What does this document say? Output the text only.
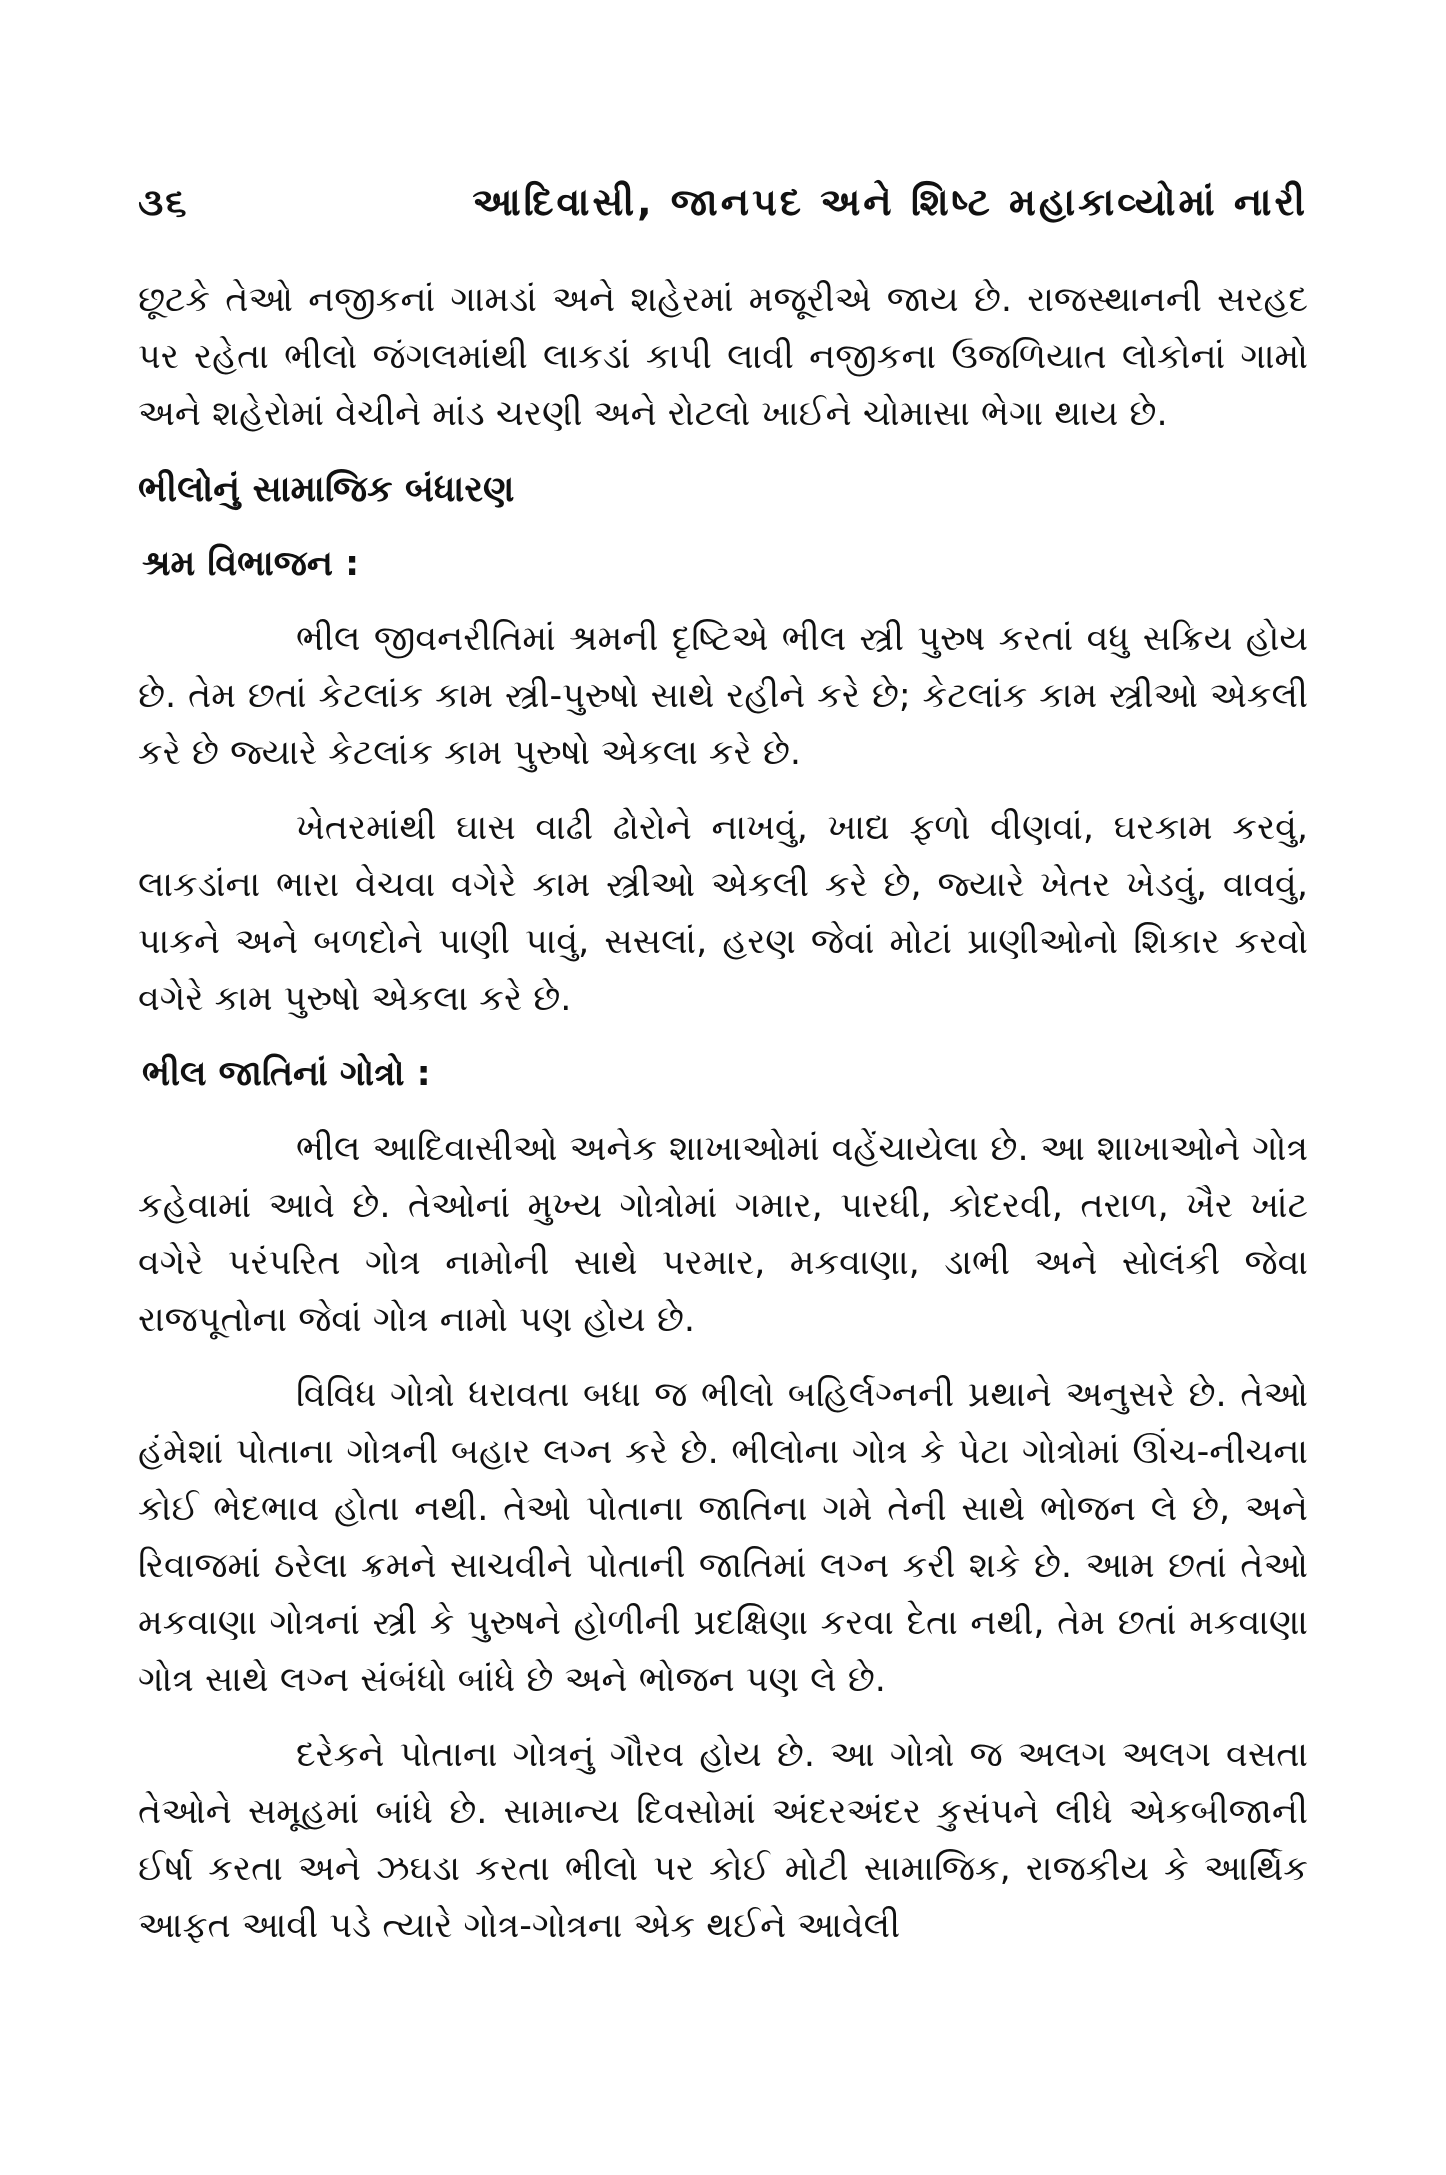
૩૬	આદિવાસી, જાનપદ અને શિષ્ટ મહાકાવ્યોમાં નારી

છૂટકે તેઓ નજીકનાં ગામડાં અને શહેરમાં મજૂરીએ જાય છે. રાજસ્થાનની સરહદ પર રહેતા ભીલો જંગલમાંથી લાકડાં કાપી લાવી નજીકના ઉજળિયાત લોકોનાં ગામો અને શહેરોમાં વેચીને માંડ ચરણી અને રોટલો ખાઈને ચોમાસા ભેગા થાય છે.

ભીલોનું સામાજિક બંધારણ
શ્રમ વિભાજન :

ભીલ જીવનરીતિમાં શ્રમની દૃષ્ટિએ ભીલ સ્ત્રી પુરુષ કરતાં વધુ સક્રિય હોય છે. તેમ છતાં કેટલાંક કામ સ્ત્રી-પુરુષો સાથે રહીને કરે છે; કેટલાંક કામ સ્ત્રીઓ એકલી કરે છે જ્યારે કેટલાંક કામ પુરુષો એકલા કરે છે.

ખેતરમાંથી ઘાસ વાઢી ઢોરોને નાખવું, ખાદ્ય ફળો વીણવાં, ઘરકામ કરવું, લાકડાંના ભારા વેચવા વગેરે કામ સ્ત્રીઓ એકલી કરે છે, જ્યારે ખેતર ખેડવું, વાવવું, પાકને અને બળદોને પાણી પાવું, સસલાં, હરણ જેવાં મોટાં પ્રાણીઓનો શિકાર કરવો વગેરે કામ પુરુષો એકલા કરે છે.

ભીલ જાતિનાં ગોત્રો :

ભીલ આદિવાસીઓ અનેક શાખાઓમાં વહેંચાયેલા છે. આ શાખાઓને ગોત્ર કહેવામાં આવે છે. તેઓનાં મુખ્ય ગોત્રોમાં ગમાર, પારધી, કોદરવી, તરાળ, ખૈર ખાંટ વગેરે પરંપરિત ગોત્ર નામોની સાથે પરમાર, મકવાણા, ડાભી અને સોલંકી જેવા રાજપૂતોના જેવાં ગોત્ર નામો પણ હોય છે.

વિવિધ ગોત્રો ધરાવતા બધા જ ભીલો બહિર્લગ્નની પ્રથાને અનુસરે છે. તેઓ હંમેશાં પોતાના ગોત્રની બહાર લગ્ન કરે છે. ભીલોના ગોત્ર કે પેટા ગોત્રોમાં ઊંચ-નીચના કોઈ ભેદભાવ હોતા નથી. તેઓ પોતાના જાતિના ગમે તેની સાથે ભોજન લે છે, અને રિવાજમાં ઠરેલા ક્રમને સાચવીને પોતાની જાતિમાં લગ્ન કરી શકે છે. આમ છતાં તેઓ મકવાણા ગોત્રનાં સ્ત્રી કે પુરુષને હોળીની પ્રદક્ષિણા કરવા દેતા નથી, તેમ છતાં મકવાણા ગોત્ર સાથે લગ્ન સંબંધો બાંધે છે અને ભોજન પણ લે છે.

દરેકને પોતાના ગોત્રનું ગૌરવ હોય છે. આ ગોત્રો જ અલગ અલગ વસતા તેઓને સમૂહમાં બાંધે છે. સામાન્ય દિવસોમાં અંદરઅંદર કુસંપને લીધે એકબીજાની ઈર્ષા કરતા અને ઝઘડા કરતા ભીલો પર કોઈ મોટી સામાજિક, રાજકીય કે આર્થિક આફત આવી પડે ત્યારે ગોત્ર-ગોત્રના એક થઈને આવેલી
